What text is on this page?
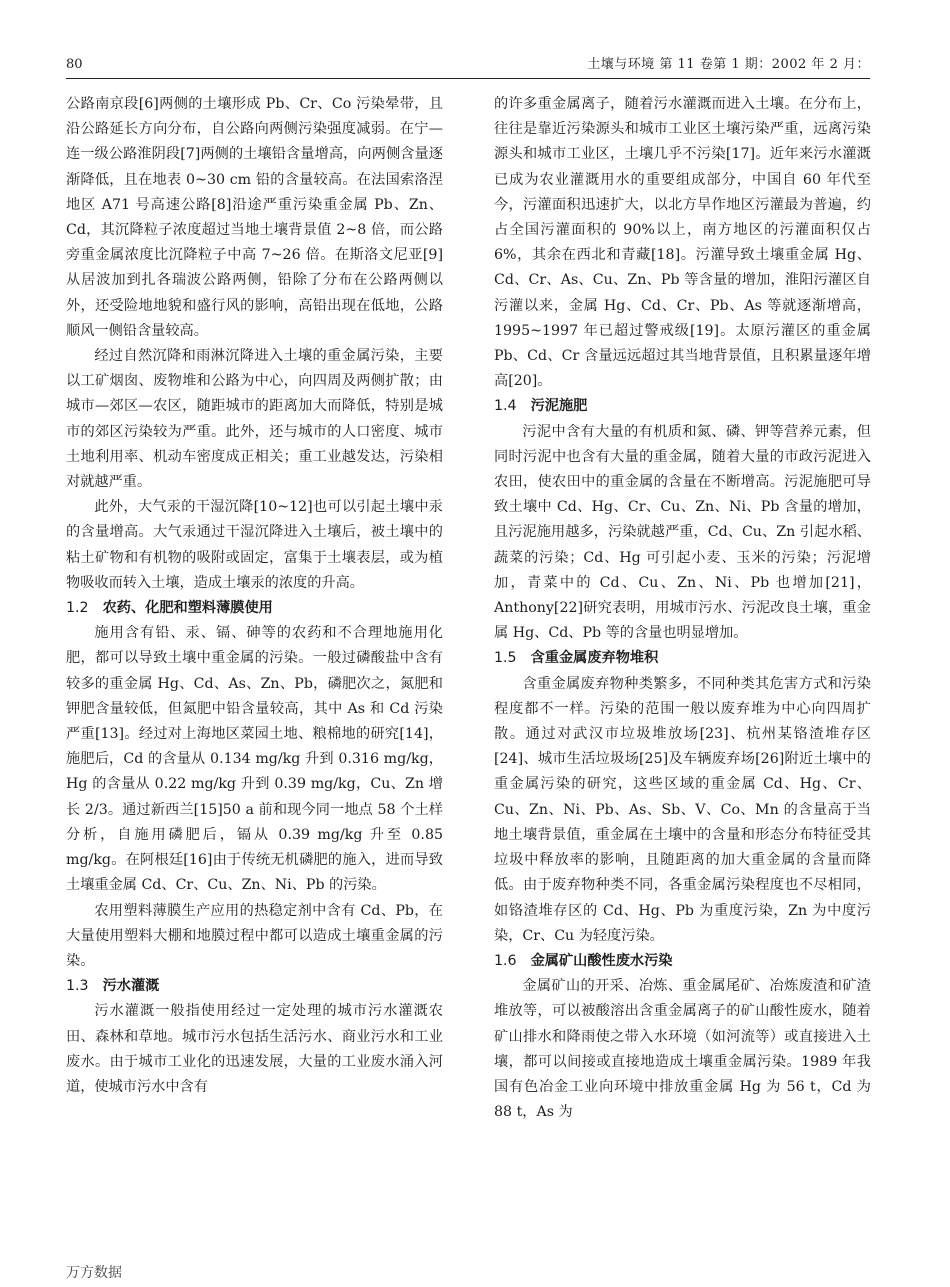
80	土壤与环境 第 11 卷第 1 期：2002 年 2 月：

公路南京段[6]两侧的土壤形成 Pb、Cr、Co 污染晕带，且沿公路延长方向分布，自公路向两侧污染强度减弱。在宁—连一级公路淮阴段[7]两侧的土壤铅含量增高，向两侧含量逐渐降低，且在地表 0~30 cm 铅的含量较高。在法国索洛涅地区 A71 号高速公路[8]沿途严重污染重金属 Pb、Zn、Cd，其沉降粒子浓度超过当地土壤背景值 2~8 倍，而公路旁重金属浓度比沉降粒子中高 7~26 倍。在斯洛文尼亚[9]从居波加到扎各瑞波公路两侧，铅除了分布在公路两侧以外，还受险地地貌和盛行风的影响，高铅出现在低地，公路顺风一侧铅含量较高。

经过自然沉降和雨淋沉降进入土壤的重金属污染，主要以工矿烟囱、废物堆和公路为中心，向四周及两侧扩散；由城市—郊区—农区，随距城市的距离加大而降低，特别是城市的郊区污染较为严重。此外，还与城市的人口密度、城市土地利用率、机动车密度成正相关；重工业越发达，污染相对就越严重。

此外，大气汞的干湿沉降[10~12]也可以引起土壤中汞的含量增高。大气汞通过干湿沉降进入土壤后，被土壤中的粘土矿物和有机物的吸附或固定，富集于土壤表层，或为植物吸收而转入土壤，造成土壤汞的浓度的升高。

1.2 农药、化肥和塑料薄膜使用

施用含有铅、汞、镉、砷等的农药和不合理地施用化肥，都可以导致土壤中重金属的污染。一般过磷酸盐中含有较多的重金属 Hg、Cd、As、Zn、Pb，磷肥次之，氮肥和钾肥含量较低，但氮肥中铅含量较高，其中 As 和 Cd 污染严重[13]。经过对上海地区菜园土地、粮棉地的研究[14]，施肥后，Cd 的含量从 0.134 mg/kg 升到 0.316 mg/kg，Hg 的含量从 0.22 mg/kg 升到 0.39 mg/kg，Cu、Zn 增长 2/3。通过新西兰[15]50 a 前和现今同一地点 58 个土样分析，自施用磷肥后，镉从 0.39 mg/kg 升至 0.85 mg/kg。在阿根廷[16]由于传统无机磷肥的施入，进而导致土壤重金属 Cd、Cr、Cu、Zn、Ni、Pb 的污染。

农用塑料薄膜生产应用的热稳定剂中含有 Cd、Pb，在大量使用塑料大棚和地膜过程中都可以造成土壤重金属的污染。

1.3 污水灌溉

污水灌溉一般指使用经过一定处理的城市污水灌溉农田、森林和草地。城市污水包括生活污水、商业污水和工业废水。由于城市工业化的迅速发展，大量的工业废水涌入河道，使城市污水中含有

的许多重金属离子，随着污水灌溉而进入土壤。在分布上，往往是靠近污染源头和城市工业区土壤污染严重，远离污染源头和城市工业区，土壤几乎不污染[17]。近年来污水灌溉已成为农业灌溉用水的重要组成部分，中国自 60 年代至今，污灌面积迅速扩大，以北方旱作地区污灌最为普遍，约占全国污灌面积的 90%以上，南方地区的污灌面积仅占 6%，其余在西北和青藏[18]。污灌导致土壤重金属 Hg、Cd、Cr、As、Cu、Zn、Pb 等含量的增加，淮阳污灌区自污灌以来，金属 Hg、Cd、Cr、Pb、As 等就逐渐增高，1995~1997 年已超过警戒级[19]。太原污灌区的重金属 Pb、Cd、Cr 含量远远超过其当地背景值，且积累量逐年增高[20]。

1.4 污泥施肥

污泥中含有大量的有机质和氮、磷、钾等营养元素，但同时污泥中也含有大量的重金属，随着大量的市政污泥进入农田，使农田中的重金属的含量在不断增高。污泥施肥可导致土壤中 Cd、Hg、Cr、Cu、Zn、Ni、Pb 含量的增加，且污泥施用越多，污染就越严重，Cd、Cu、Zn 引起水稻、蔬菜的污染；Cd、Hg 可引起小麦、玉米的污染；污泥增加，青菜中的 Cd、Cu、Zn、Ni、Pb 也增加[21]，Anthony[22]研究表明，用城市污水、污泥改良土壤，重金属 Hg、Cd、Pb 等的含量也明显增加。

1.5 含重金属废弃物堆积

含重金属废弃物种类繁多，不同种类其危害方式和污染程度都不一样。污染的范围一般以废弃堆为中心向四周扩散。通过对武汉市垃圾堆放场[23]、杭州某铬渣堆存区[24]、城市生活垃圾场[25]及车辆废弃场[26]附近土壤中的重金属污染的研究，这些区域的重金属 Cd、Hg、Cr、Cu、Zn、Ni、Pb、As、Sb、V、Co、Mn 的含量高于当地土壤背景值，重金属在土壤中的含量和形态分布特征受其垃圾中释放率的影响，且随距离的加大重金属的含量而降低。由于废弃物种类不同，各重金属污染程度也不尽相同，如铬渣堆存区的 Cd、Hg、Pb 为重度污染，Zn 为中度污染，Cr、Cu 为轻度污染。

1.6 金属矿山酸性废水污染

金属矿山的开采、冶炼、重金属尾矿、冶炼废渣和矿渣堆放等，可以被酸溶出含重金属离子的矿山酸性废水，随着矿山排水和降雨使之带入水环境（如河流等）或直接进入土壤，都可以间接或直接地造成土壤重金属污染。1989 年我国有色冶金工业向环境中排放重金属 Hg 为 56 t，Cd 为 88 t，As 为

万方数据
